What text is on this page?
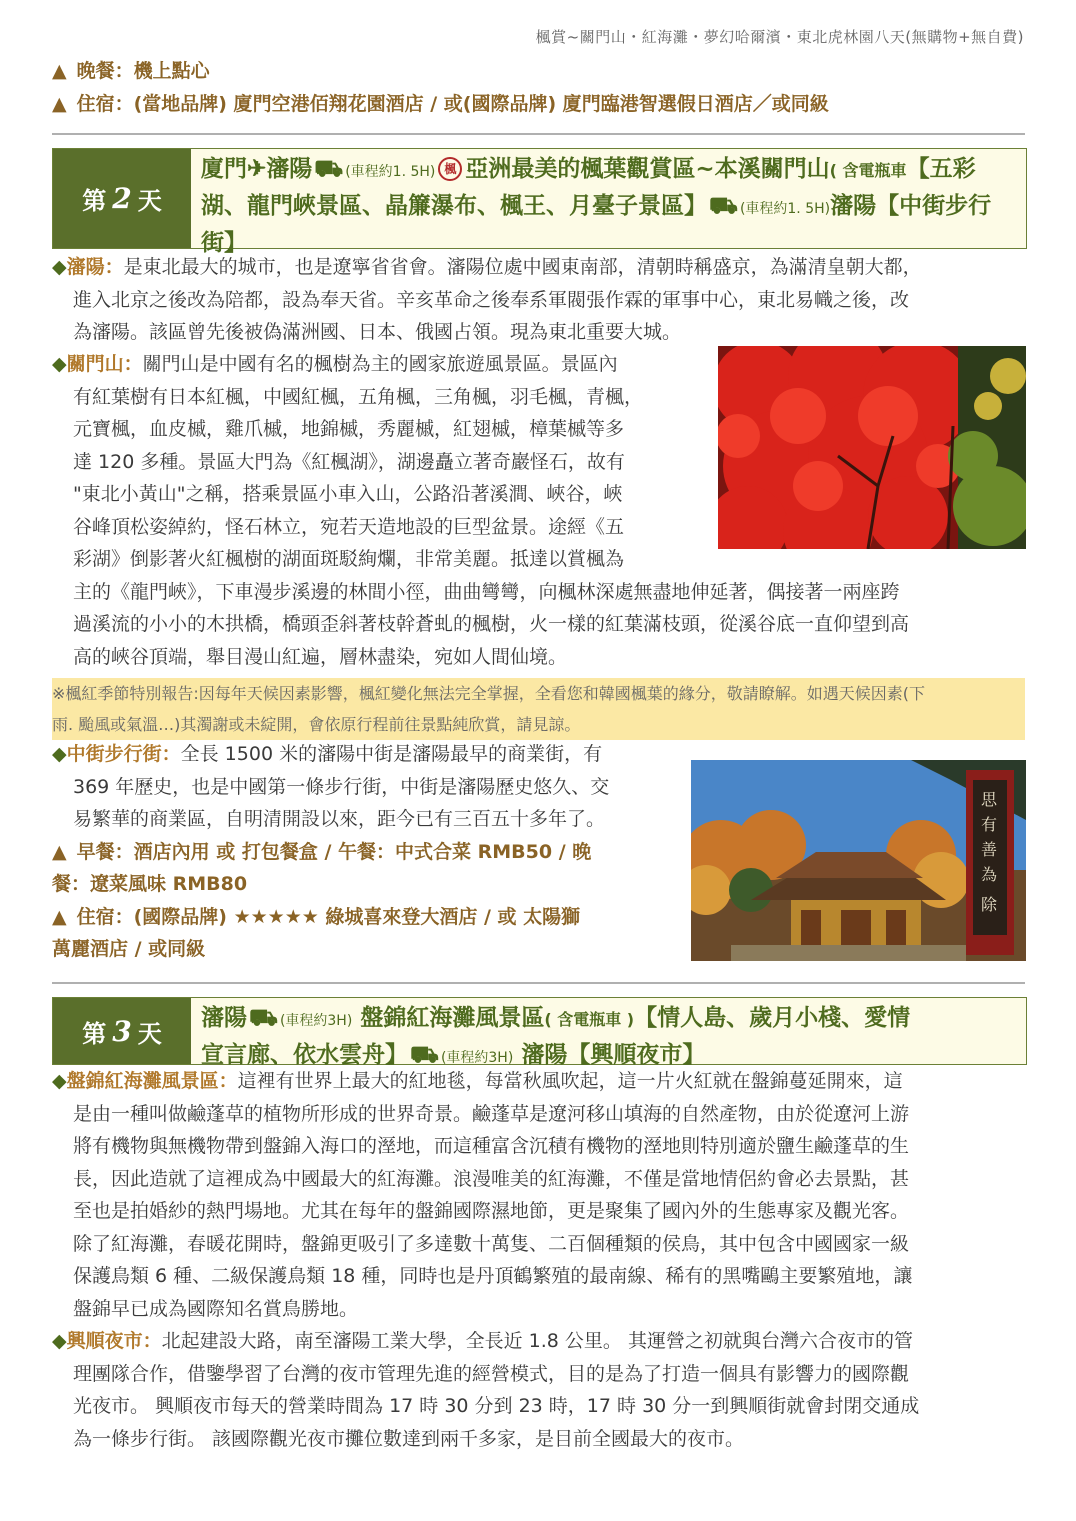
楓賞~關門山・紅海灘・夢幻哈爾濱・東北虎林園八天(無購物+無自費)
▲ 晚餐：機上點心
▲ 住宿：(當地品牌) 廈門空港佰翔花園酒店 / 或(國際品牌) 廈門臨港智選假日酒店／或同級
第 2 天
廈門✈瀋陽⛟ (車程約1. 5H) 楓 亞洲最美的楓葉觀賞區~本溪關門山( 含電瓶車【五彩湖、龍門峽景區、晶簾瀑布、楓王、月臺子景區】⛟ (車程約1. 5H)瀋陽【中街步行街】
◆瀋陽：是東北最大的城市，也是遼寧省省會。瀋陽位處中國東南部，清朝時稱盛京，為滿清皇朝大都，
進入北京之後改為陪都，設為奉天省。辛亥革命之後奉系軍閥張作霖的軍事中心，東北易幟之後，改
為瀋陽。該區曾先後被偽滿洲國、日本、俄國占領。現為東北重要大城。
◆關門山：關門山是中國有名的楓樹為主的國家旅遊風景區。景區內
有紅葉樹有日本紅楓，中國紅楓，五角楓，三角楓，羽毛楓，青楓，
元寶楓，血皮槭，雞爪槭，地錦槭，秀麗槭，紅翅槭，樟葉槭等多
達 120 多種。景區大門為《紅楓湖》，湖邊矗立著奇巖怪石，故有
"東北小黃山"之稱，搭乘景區小車入山，公路沿著溪澗、峽谷，峽
谷峰頂松姿綽約，怪石林立，宛若天造地設的巨型盆景。途經《五
彩湖》倒影著火紅楓樹的湖面斑駁絢爛，非常美麗。抵達以賞楓為
主的《龍門峽》，下車漫步溪邊的林間小徑，曲曲彎彎，向楓林深處無盡地伸延著，偶接著一兩座跨
過溪流的小小的木拱橋，橋頭歪斜著枝幹蒼虬的楓樹，火一樣的紅葉滿枝頭，從溪谷底一直仰望到高
高的峽谷頂端，舉目漫山紅遍，層林盡染，宛如人間仙境。
※楓紅季節特別報告:因每年天候因素影響，楓紅變化無法完全掌握，全看您和韓國楓葉的緣分，敬請瞭解。如遇天候因素(下
雨. 颱風或氣溫…)其濁謝或未綻開，會依原行程前往景點純欣賞，請見諒。
◆中街步行街：全長 1500 米的瀋陽中街是瀋陽最早的商業街，有
369 年歷史，也是中國第一條步行街，中街是瀋陽歷史悠久、交
易繁華的商業區，自明清開設以來，距今已有三百五十多年了。
▲ 早餐：酒店內用 或 打包餐盒 / 午餐：中式合菜 RMB50 / 晚
餐：遼菜風味 RMB80
▲ 住宿：(國際品牌) ★★★★★ 綠城喜來登大酒店 / 或 太陽獅
萬麗酒店 / 或同級
思
有
善
為
除
第 3 天
瀋陽⛟ (車程約3H) 盤錦紅海灘風景區( 含電瓶車 )【情人島、歲月小棧、愛情
宣言廊、依水雲舟】⛟ (車程約3H) 瀋陽【興順夜市】
◆盤錦紅海灘風景區：這裡有世界上最大的紅地毯，每當秋風吹起，這一片火紅就在盤錦蔓延開來，這
是由一種叫做鹼蓬草的植物所形成的世界奇景。鹼蓬草是遼河移山填海的自然產物，由於從遼河上游
將有機物與無機物帶到盤錦入海口的溼地，而這種富含沉積有機物的溼地則特別適於鹽生鹼蓬草的生
長，因此造就了這裡成為中國最大的紅海灘。浪漫唯美的紅海灘，不僅是當地情侶約會必去景點，甚
至也是拍婚紗的熱門場地。尤其在每年的盤錦國際濕地節，更是聚集了國內外的生態專家及觀光客。
除了紅海灘，春暖花開時，盤錦更吸引了多達數十萬隻、二百個種類的侯鳥，其中包含中國國家一級
保護鳥類 6 種、二級保護鳥類 18 種，同時也是丹頂鶴繁殖的最南線、稀有的黑嘴鷗主要繁殖地，讓
盤錦早已成為國際知名賞鳥勝地。
◆興順夜市：北起建設大路，南至瀋陽工業大學，全長近 1.8 公里。 其運營之初就與台灣六合夜市的管
理團隊合作，借鑒學習了台灣的夜市管理先進的經營模式，目的是為了打造一個具有影響力的國際觀
光夜市。 興順夜市每天的營業時間為 17 時 30 分到 23 時，17 時 30 分一到興順街就會封閉交通成
為一條步行街。 該國際觀光夜市攤位數達到兩千多家，是目前全國最大的夜市。
